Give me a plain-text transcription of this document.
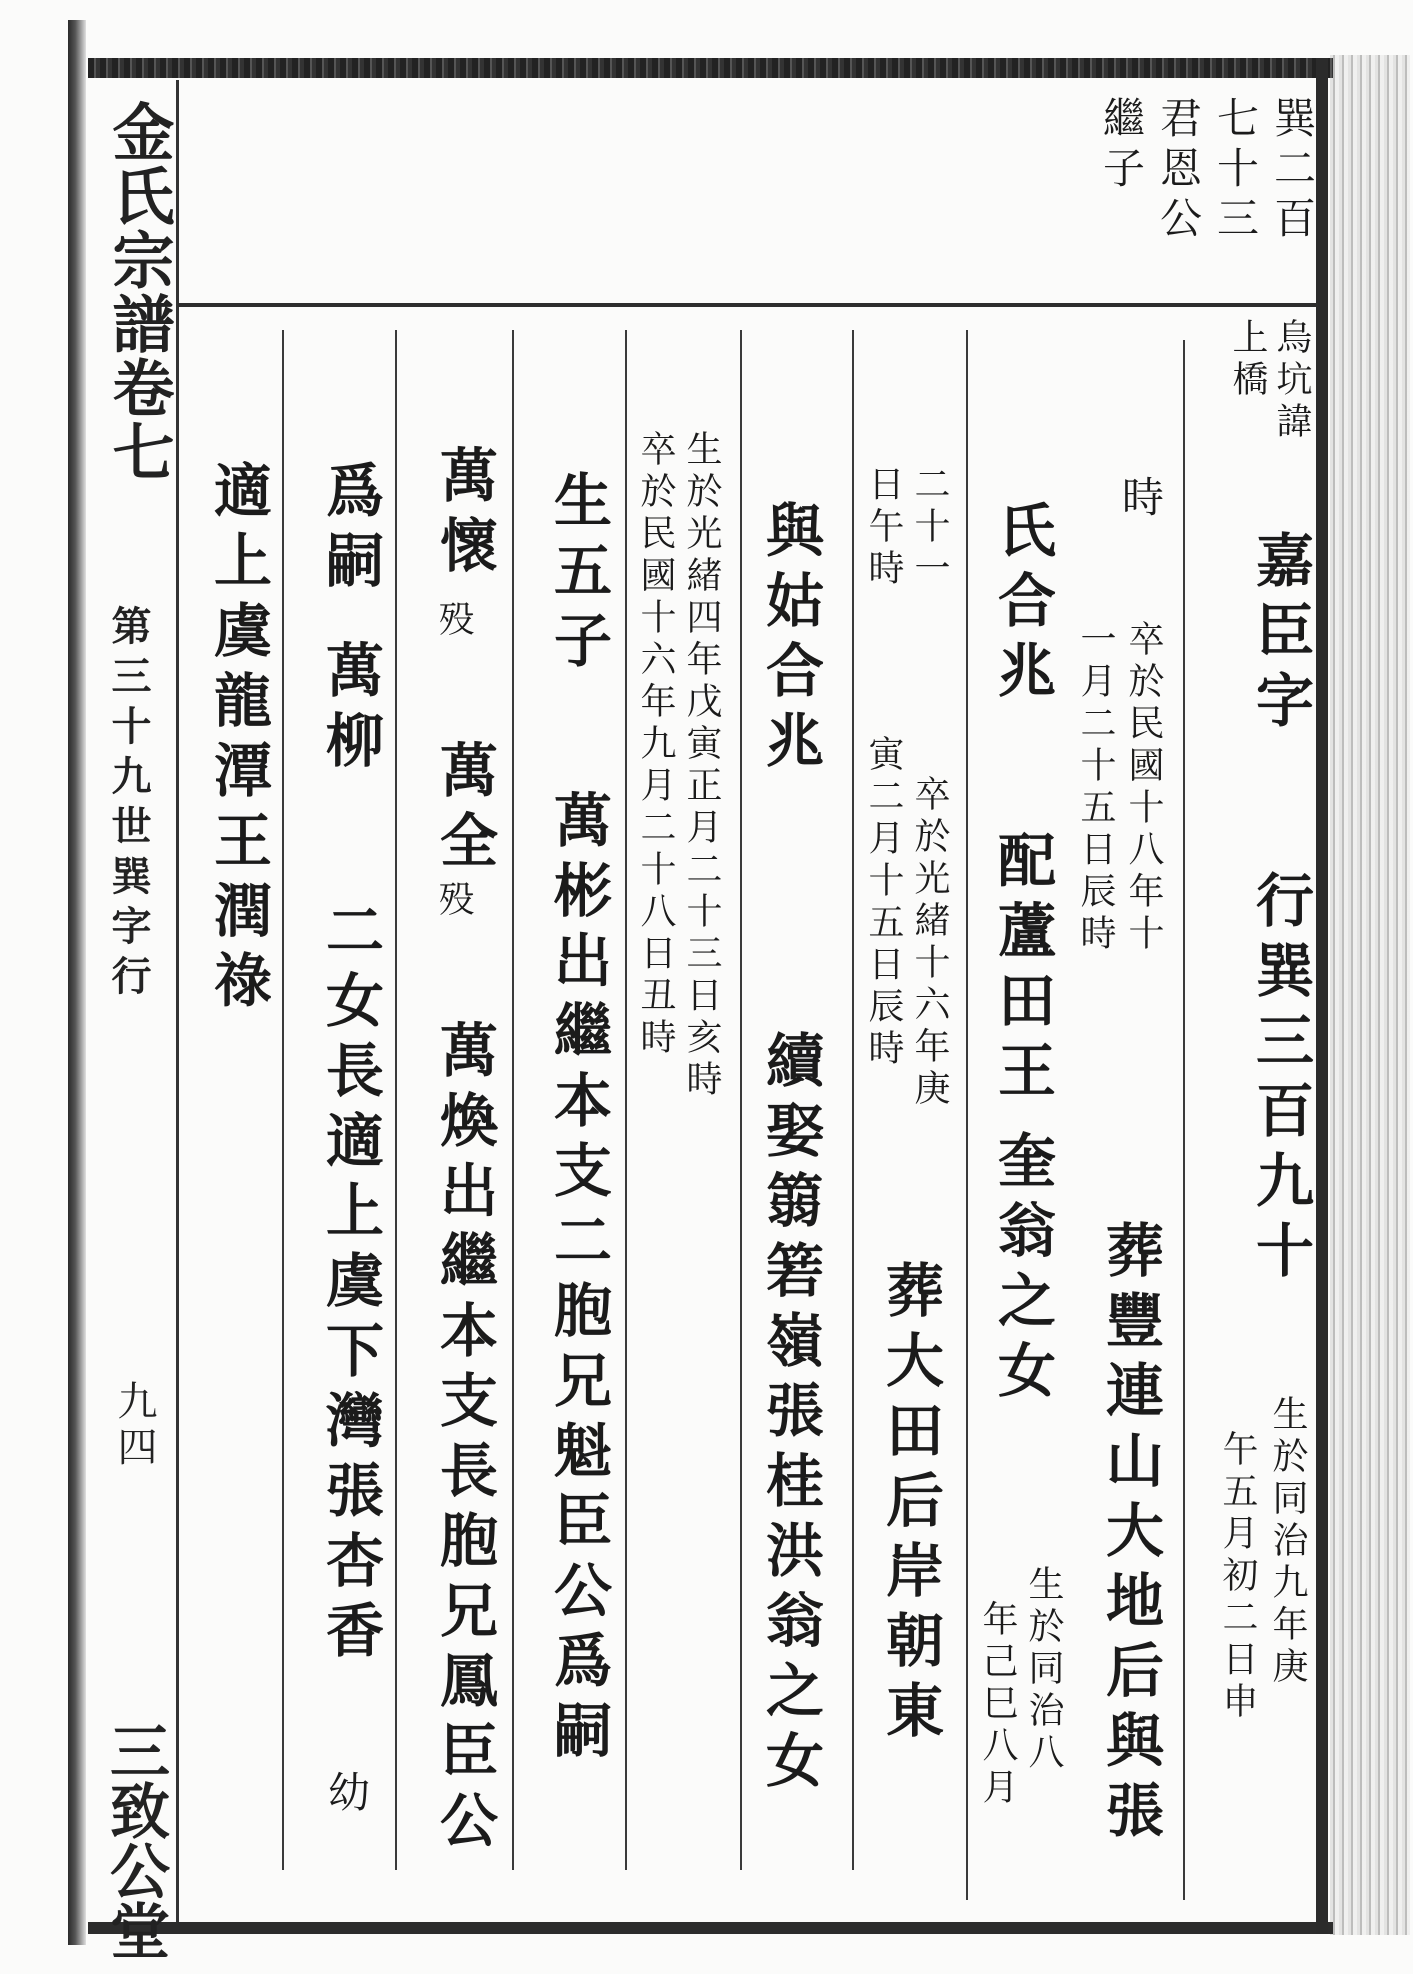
金氏宗譜卷七
第三十九世巽字行
九四
三致公堂
巽二百
七十三
君恩公
繼子
烏坑諱
上橋
嘉臣字
行巽三百九十
生於同治九年庚
午五月初二日申
時
卒於民國十八年十
一月二十五日辰時
葬豐連山大地后與張
氏合兆
配蘆田王
奎翁之女
生於同治八
年己巳八月
二十一
日午時
卒於光緒十六年庚
寅二月十五日辰時
葬大田后岸朝東
與姑合兆
續娶篛箬嶺張桂洪翁之女
生於光緒四年戊寅正月二十三日亥時
卒於民國十六年九月二十八日丑時
生五子
萬彬出繼本支二胞兄魁臣公爲嗣
萬懷
殁
萬全
殁
萬煥出繼本支長胞兄鳳臣公
爲嗣
萬柳
二女長適上虞下灣張杏香
幼
適上虞龍潭王潤祿
